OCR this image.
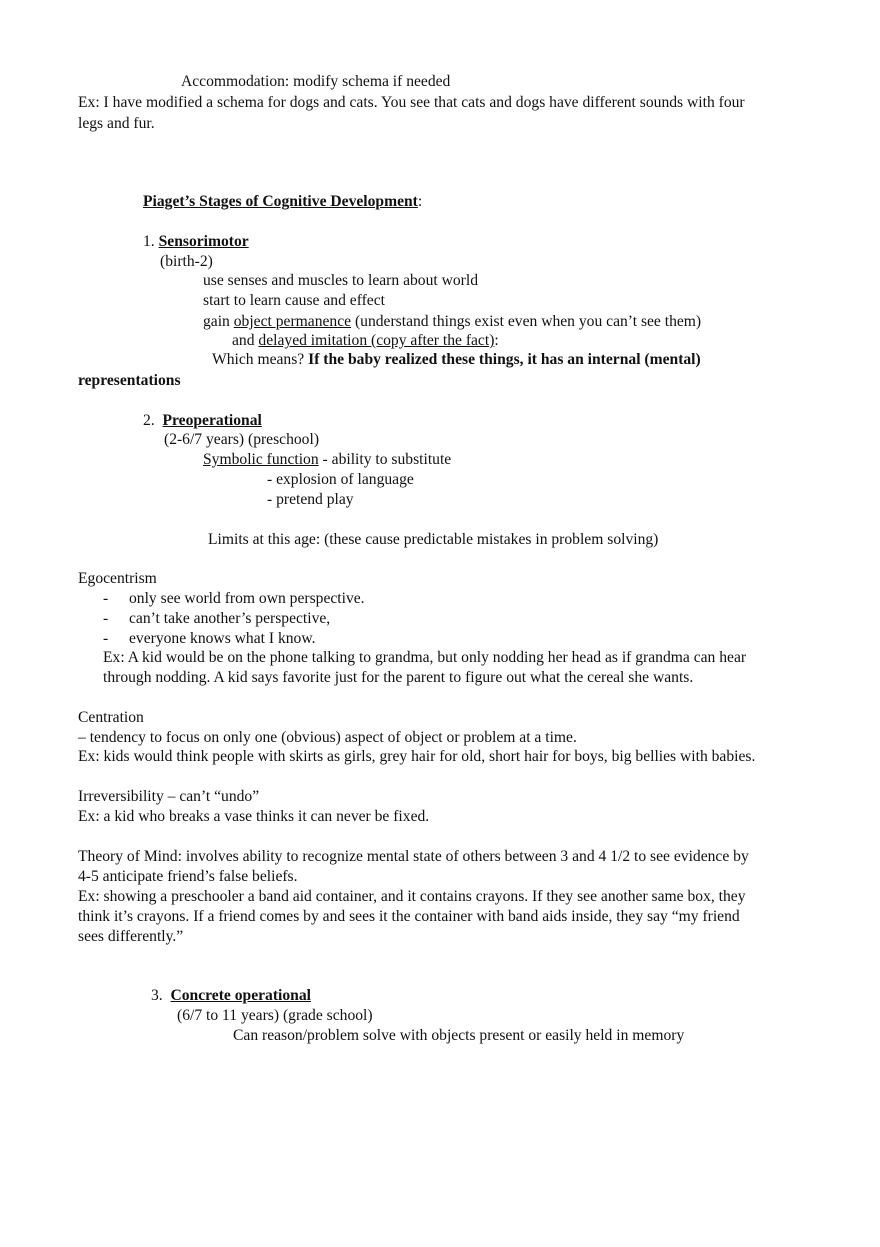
Accommodation: modify schema if needed
Ex: I have modified a schema for dogs and cats. You see that cats and dogs have different sounds with four
legs and fur.
Piaget’s Stages of Cognitive Development:
1. Sensorimotor
(birth-2)
use senses and muscles to learn about world
start to learn cause and effect
gain object permanence (understand things exist even when you can’t see them)
and delayed imitation (copy after the fact):
Which means? If the baby realized these things, it has an internal (mental)
representations
2. Preoperational
(2-6/7 years) (preschool)
Symbolic function - ability to substitute
- explosion of language
- pretend play
Limits at this age: (these cause predictable mistakes in problem solving)
Egocentrism
- only see world from own perspective.
- can’t take another’s perspective,
- everyone knows what I know.
Ex: A kid would be on the phone talking to grandma, but only nodding her head as if grandma can hear
through nodding. A kid says favorite just for the parent to figure out what the cereal she wants.
Centration
– tendency to focus on only one (obvious) aspect of object or problem at a time.
Ex: kids would think people with skirts as girls, grey hair for old, short hair for boys, big bellies with babies.
Irreversibility – can’t “undo”
Ex: a kid who breaks a vase thinks it can never be fixed.
Theory of Mind: involves ability to recognize mental state of others between 3 and 4 1/2 to see evidence by
4-5 anticipate friend’s false beliefs.
Ex: showing a preschooler a band aid container, and it contains crayons. If they see another same box, they
think it’s crayons. If a friend comes by and sees it the container with band aids inside, they say “my friend
sees differently.”
3. Concrete operational
(6/7 to 11 years) (grade school)
Can reason/problem solve with objects present or easily held in memory
